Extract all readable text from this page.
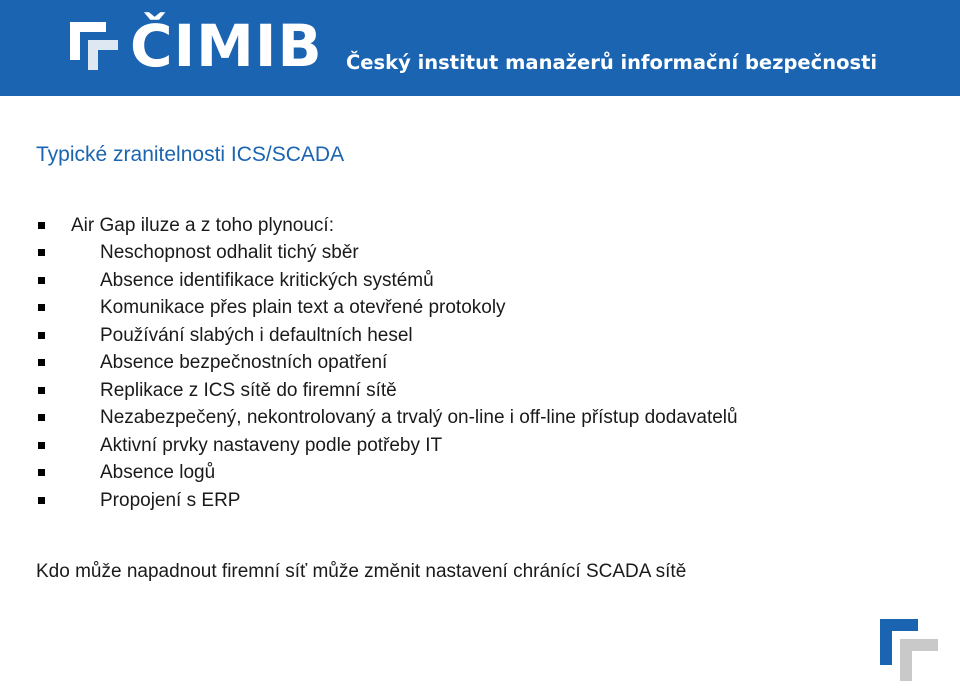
ČIMIB Český institut manažerů informační bezpečnosti
Typické zranitelnosti ICS/SCADA
Air Gap iluze a z toho plynoucí:
Neschopnost odhalit tichý sběr
Absence identifikace kritických systémů
Komunikace přes plain text a otevřené protokoly
Používání slabých i defaultních hesel
Absence bezpečnostních opatření
Replikace z ICS sítě do firemní sítě
Nezabezpečený, nekontrolovaný a trvalý on-line i off-line přístup dodavatelů
Aktivní prvky nastaveny podle potřeby IT
Absence logů
Propojení s ERP
Kdo může napadnout firemní síť může změnit nastavení chránící SCADA sítě
